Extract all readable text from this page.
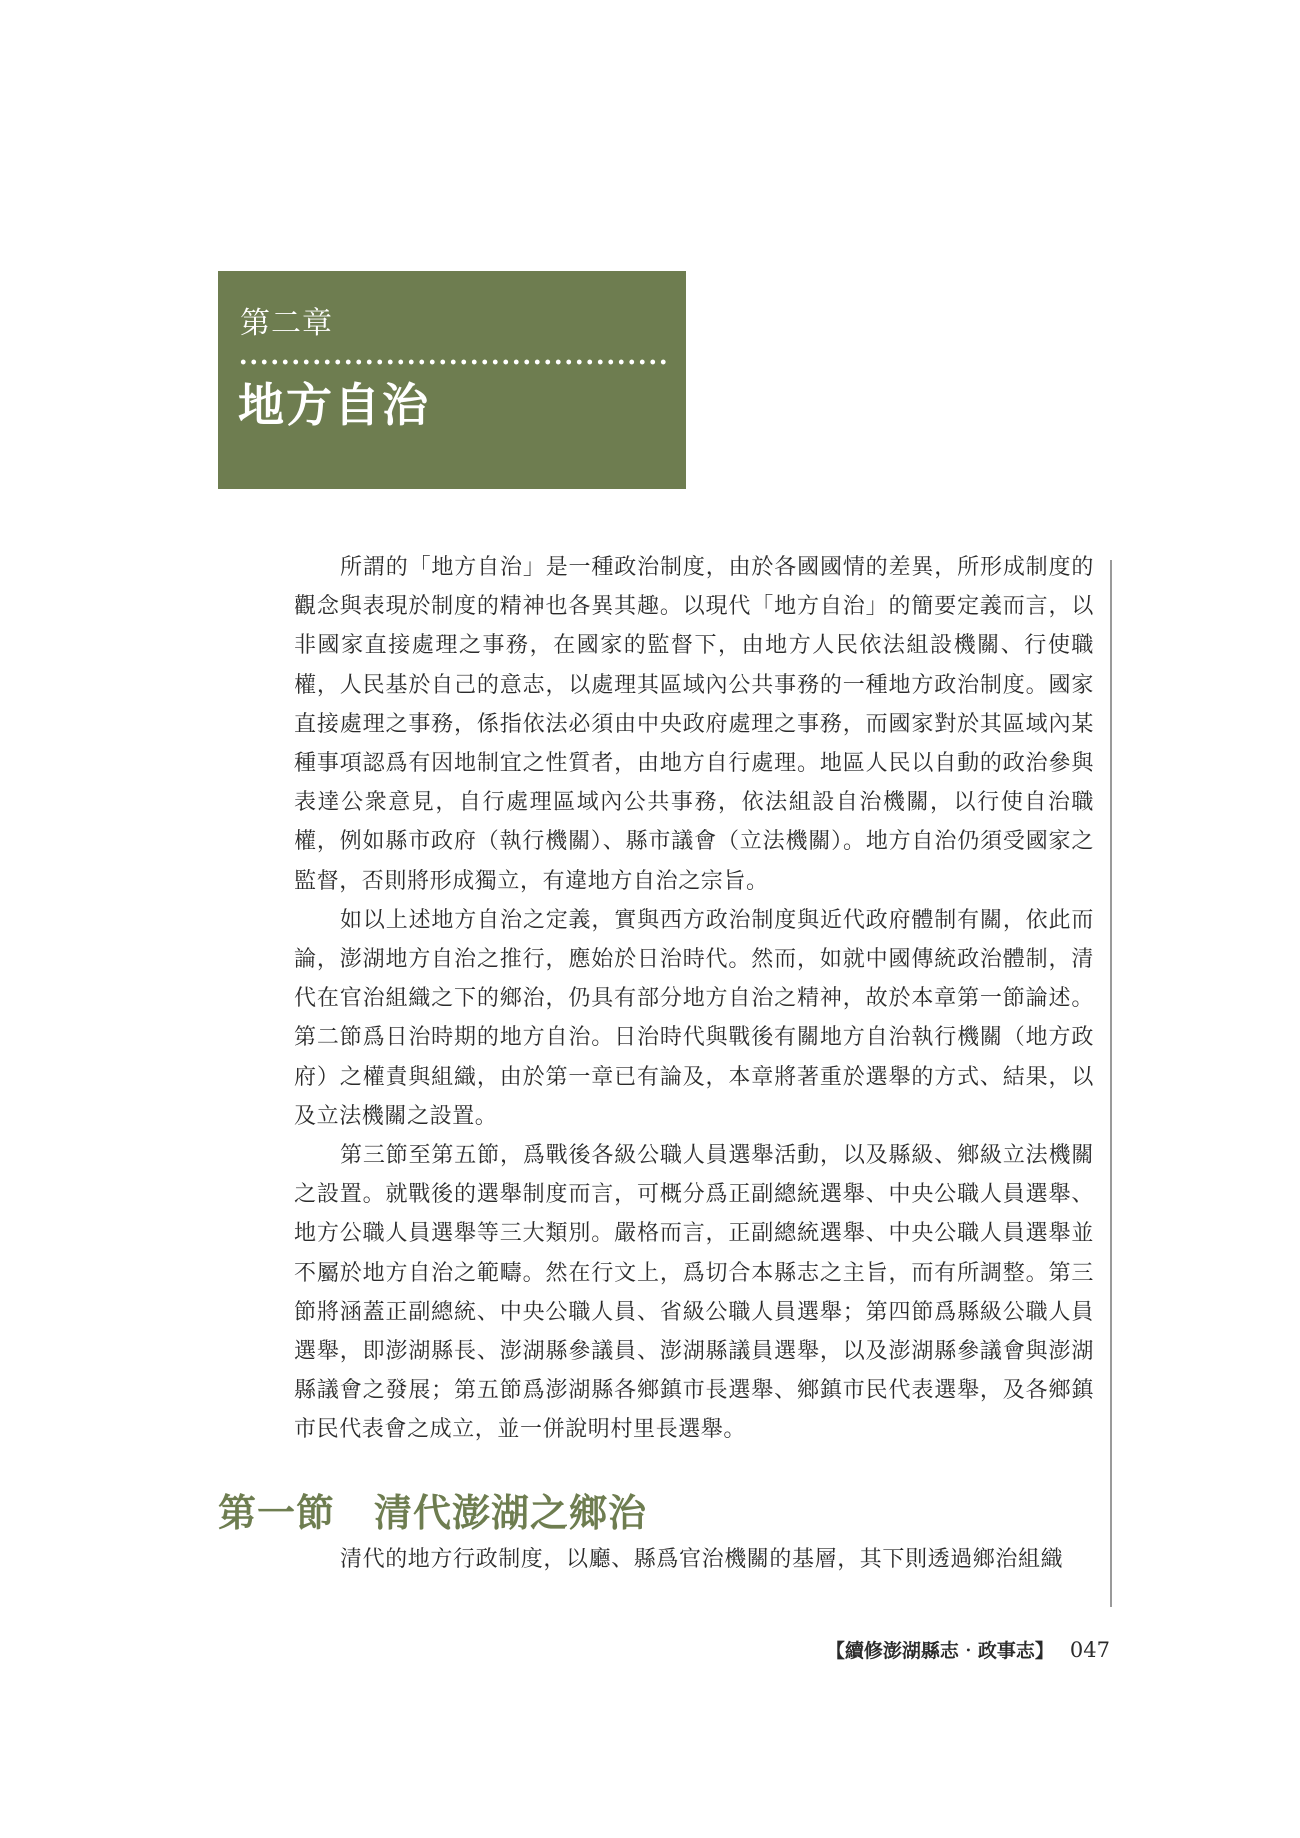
第二章
地方自治

所謂的「地方自治」是一種政治制度，由於各國國情的差異，所形成制度的觀念與表現於制度的精神也各異其趣。以現代「地方自治」的簡要定義而言，以非國家直接處理之事務，在國家的監督下，由地方人民依法組設機關、行使職權，人民基於自己的意志，以處理其區域內公共事務的一種地方政治制度。國家直接處理之事務，係指依法必須由中央政府處理之事務，而國家對於其區域內某種事項認爲有因地制宜之性質者，由地方自行處理。地區人民以自動的政治參與表達公衆意見，自行處理區域內公共事務，依法組設自治機關，以行使自治職權，例如縣市政府（執行機關）、縣市議會（立法機關）。地方自治仍須受國家之監督，否則將形成獨立，有違地方自治之宗旨。

如以上述地方自治之定義，實與西方政治制度與近代政府體制有關，依此而論，澎湖地方自治之推行，應始於日治時代。然而，如就中國傳統政治體制，清代在官治組織之下的鄉治，仍具有部分地方自治之精神，故於本章第一節論述。第二節爲日治時期的地方自治。日治時代與戰後有關地方自治執行機關（地方政府）之權責與組織，由於第一章已有論及，本章將著重於選舉的方式、結果，以及立法機關之設置。

第三節至第五節，爲戰後各級公職人員選舉活動，以及縣級、鄉級立法機關之設置。就戰後的選舉制度而言，可概分爲正副總統選舉、中央公職人員選舉、地方公職人員選舉等三大類別。嚴格而言，正副總統選舉、中央公職人員選舉並不屬於地方自治之範疇。然在行文上，爲切合本縣志之主旨，而有所調整。第三節將涵蓋正副總統、中央公職人員、省級公職人員選舉；第四節爲縣級公職人員選舉，即澎湖縣長、澎湖縣參議員、澎湖縣議員選舉，以及澎湖縣參議會與澎湖縣議會之發展；第五節爲澎湖縣各鄉鎮市長選舉、鄉鎮市民代表選舉，及各鄉鎮市民代表會之成立，並一併說明村里長選舉。

第一節　清代澎湖之鄉治

清代的地方行政制度，以廳、縣爲官治機關的基層，其下則透過鄉治組織

【續修澎湖縣志‧政事志】 047
